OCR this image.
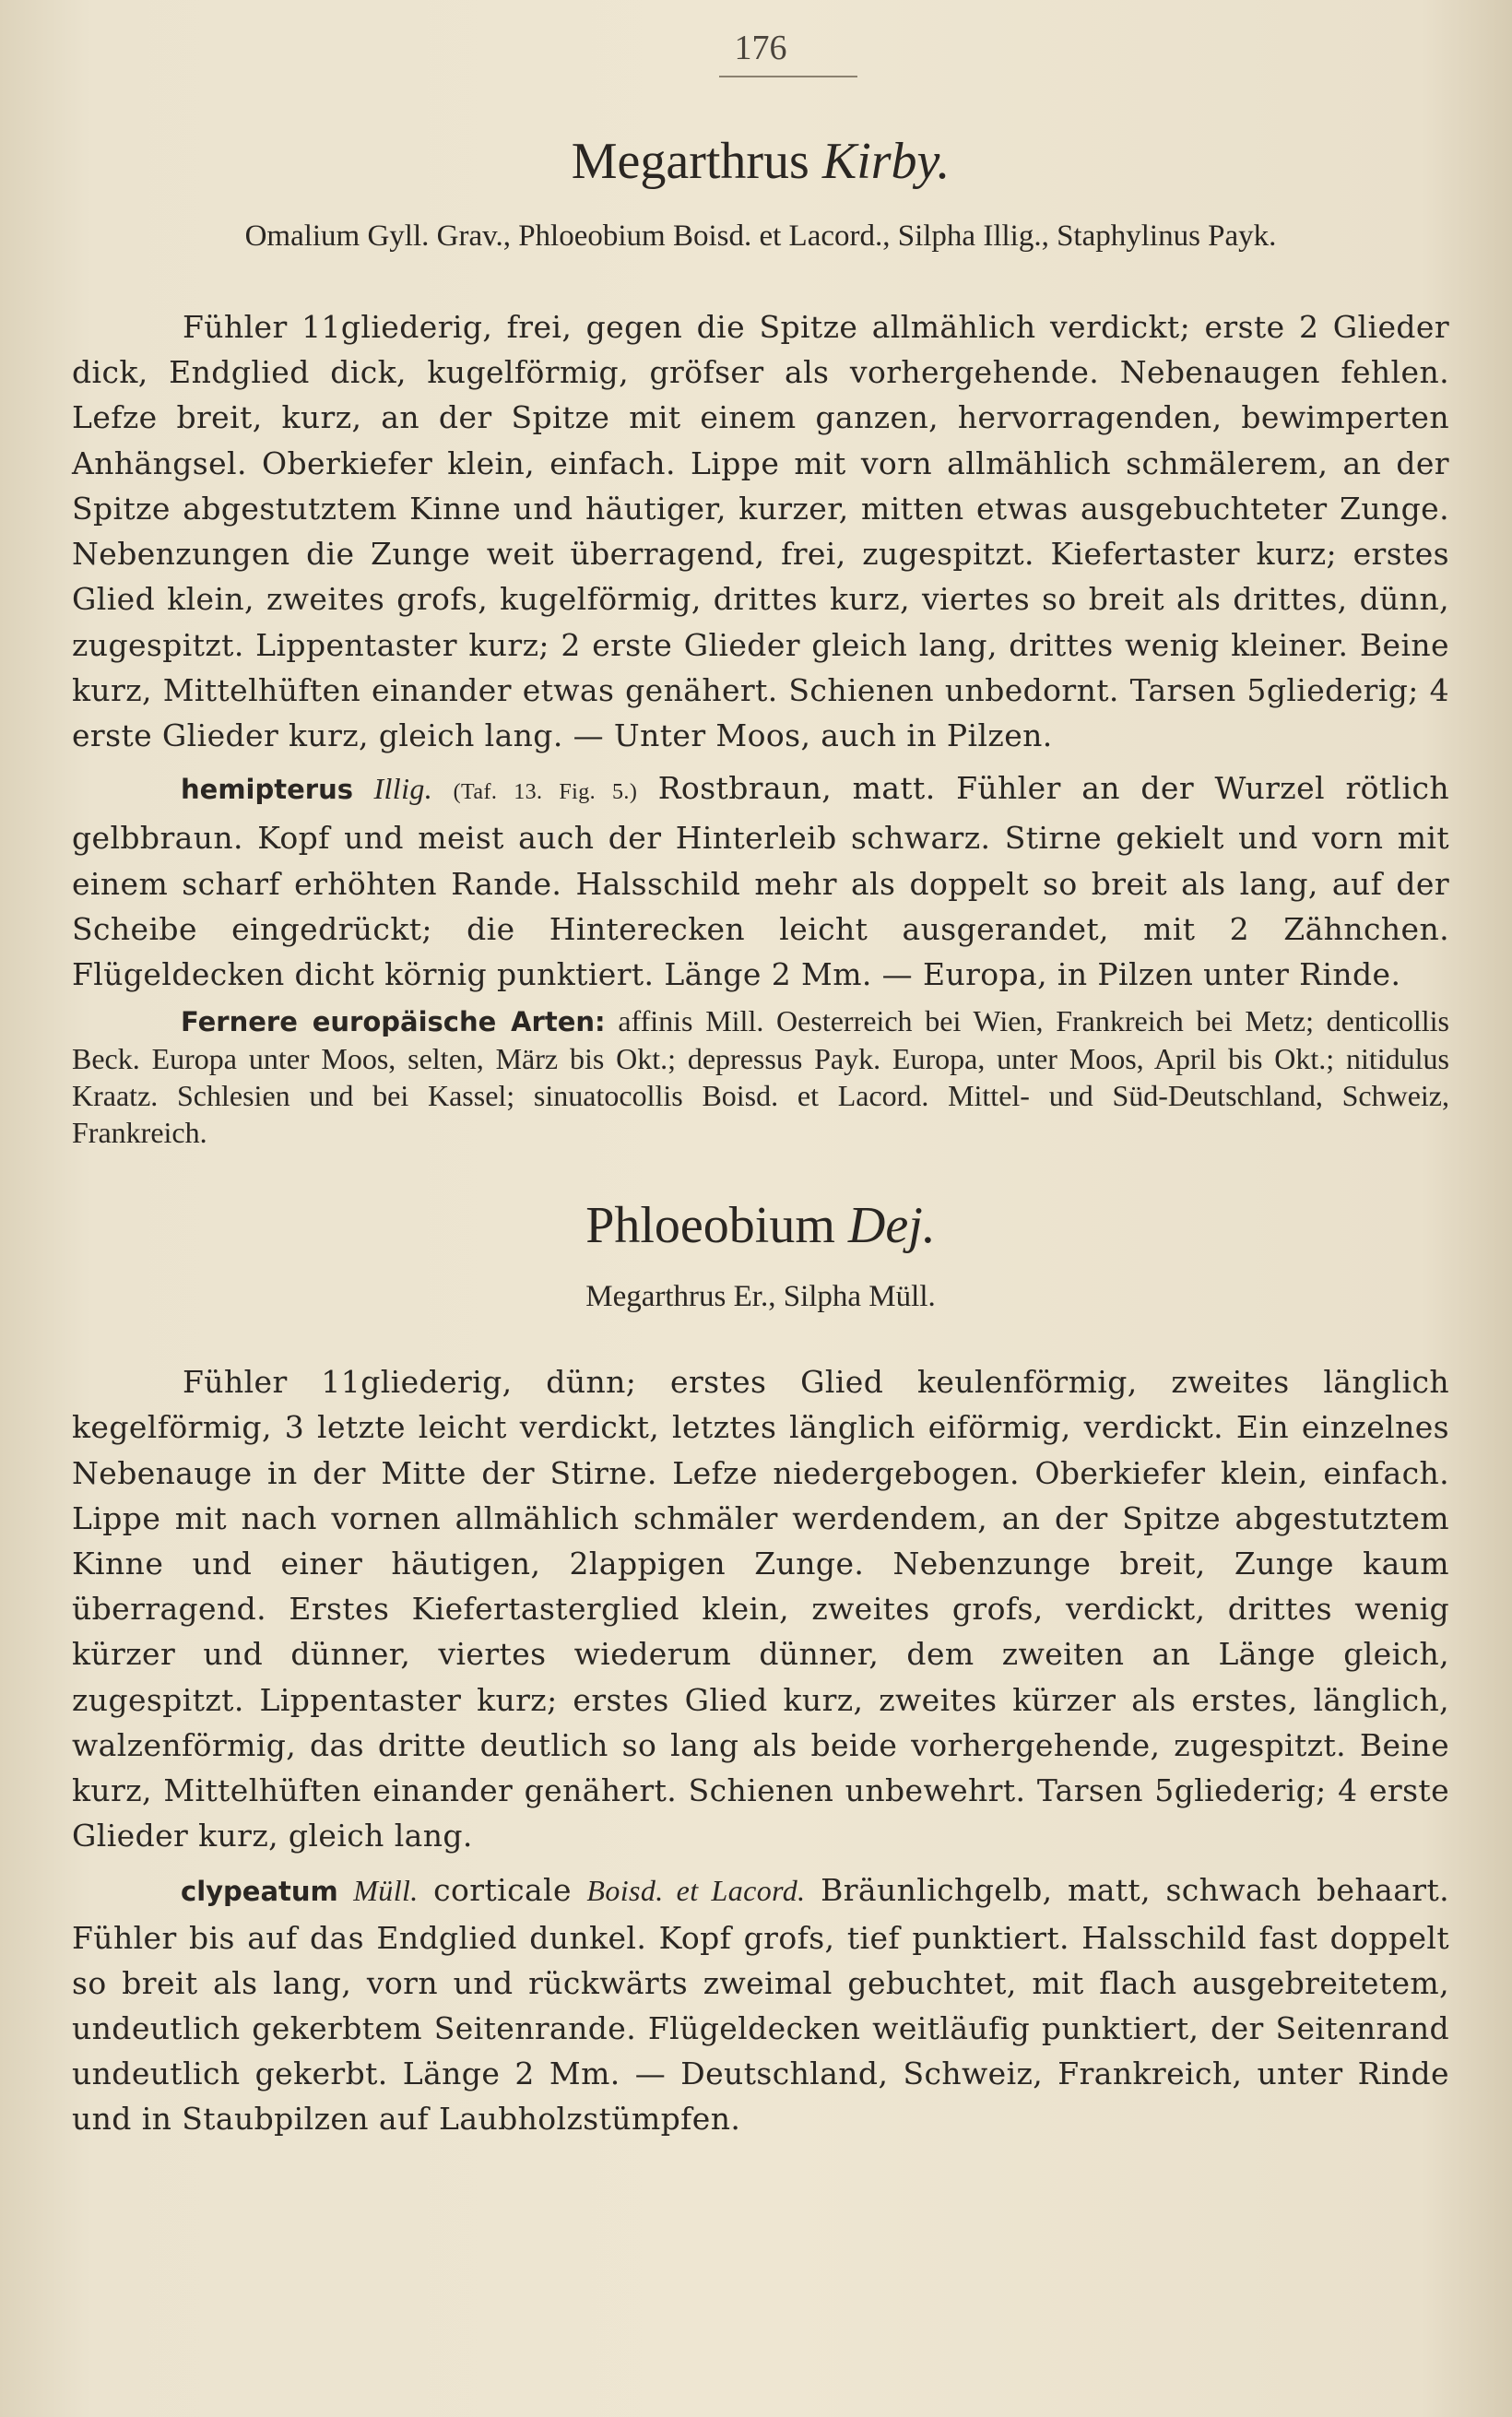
176
Megarthrus Kirby.
Omalium Gyll. Grav., Phloeobium Boisd. et Lacord., Silpha Illig., Staphylinus Payk.

Fühler 11gliederig, frei, gegen die Spitze allmählich verdickt; erste 2 Glieder dick, Endglied dick, kugelförmig, gröfser als vorhergehende. Nebenaugen fehlen. Lefze breit, kurz, an der Spitze mit einem ganzen, hervorragenden, bewimperten Anhängsel. Oberkiefer klein, einfach. Lippe mit vorn allmählich schmälerem, an der Spitze abgestutztem Kinne und häutiger, kurzer, mitten etwas ausgebuchteter Zunge. Nebenzungen die Zunge weit überragend, frei, zugespitzt. Kiefertaster kurz; erstes Glied klein, zweites grofs, kugelförmig, drittes kurz, viertes so breit als drittes, dünn, zugespitzt. Lippentaster kurz; 2 erste Glieder gleich lang, drittes wenig kleiner. Beine kurz, Mittelhüften einander etwas genähert. Schienen unbedornt. Tarsen 5gliederig; 4 erste Glieder kurz, gleich lang. — Unter Moos, auch in Pilzen.

hemipterus Illig. (Taf. 13. Fig. 5.) Rostbraun, matt. Fühler an der Wurzel rötlich gelbbraun. Kopf und meist auch der Hinterleib schwarz. Stirne gekielt und vorn mit einem scharf erhöhten Rande. Halsschild mehr als doppelt so breit als lang, auf der Scheibe eingedrückt; die Hinterecken leicht ausgerandet, mit 2 Zähnchen. Flügeldecken dicht körnig punktiert. Länge 2 Mm. — Europa, in Pilzen unter Rinde.

Fernere europäische Arten: affinis Mill. Oesterreich bei Wien, Frankreich bei Metz; denticollis Beck. Europa unter Moos, selten, März bis Okt.; depressus Payk. Europa, unter Moos, April bis Okt.; nitidulus Kraatz. Schlesien und bei Kassel; sinuatocollis Boisd. et Lacord. Mittel- und Süd-Deutschland, Schweiz, Frankreich.

Phloeobium Dej.
Megarthrus Er., Silpha Müll.

Fühler 11gliederig, dünn; erstes Glied keulenförmig, zweites länglich kegelförmig, 3 letzte leicht verdickt, letztes länglich eiförmig, verdickt. Ein einzelnes Nebenauge in der Mitte der Stirne. Lefze niedergebogen. Oberkiefer klein, einfach. Lippe mit nach vornen allmählich schmäler werdendem, an der Spitze abgestutztem Kinne und einer häutigen, 2lappigen Zunge. Nebenzunge breit, Zunge kaum überragend. Erstes Kiefertasterglied klein, zweites grofs, verdickt, drittes wenig kürzer und dünner, viertes wiederum dünner, dem zweiten an Länge gleich, zugespitzt. Lippentaster kurz; erstes Glied kurz, zweites kürzer als erstes, länglich, walzenförmig, das dritte deutlich so lang als beide vorhergehende, zugespitzt. Beine kurz, Mittelhüften einander genähert. Schienen unbewehrt. Tarsen 5gliederig; 4 erste Glieder kurz, gleich lang.

clypeatum Müll. corticale Boisd. et Lacord. Bräunlichgelb, matt, schwach behaart. Fühler bis auf das Endglied dunkel. Kopf grofs, tief punktiert. Halsschild fast doppelt so breit als lang, vorn und rückwärts zweimal gebuchtet, mit flach ausgebreitetem, undeutlich gekerbtem Seitenrande. Flügeldecken weitläufig punktiert, der Seitenrand undeutlich gekerbt. Länge 2 Mm. — Deutschland, Schweiz, Frankreich, unter Rinde und in Staubpilzen auf Laubholzstümpfen.
